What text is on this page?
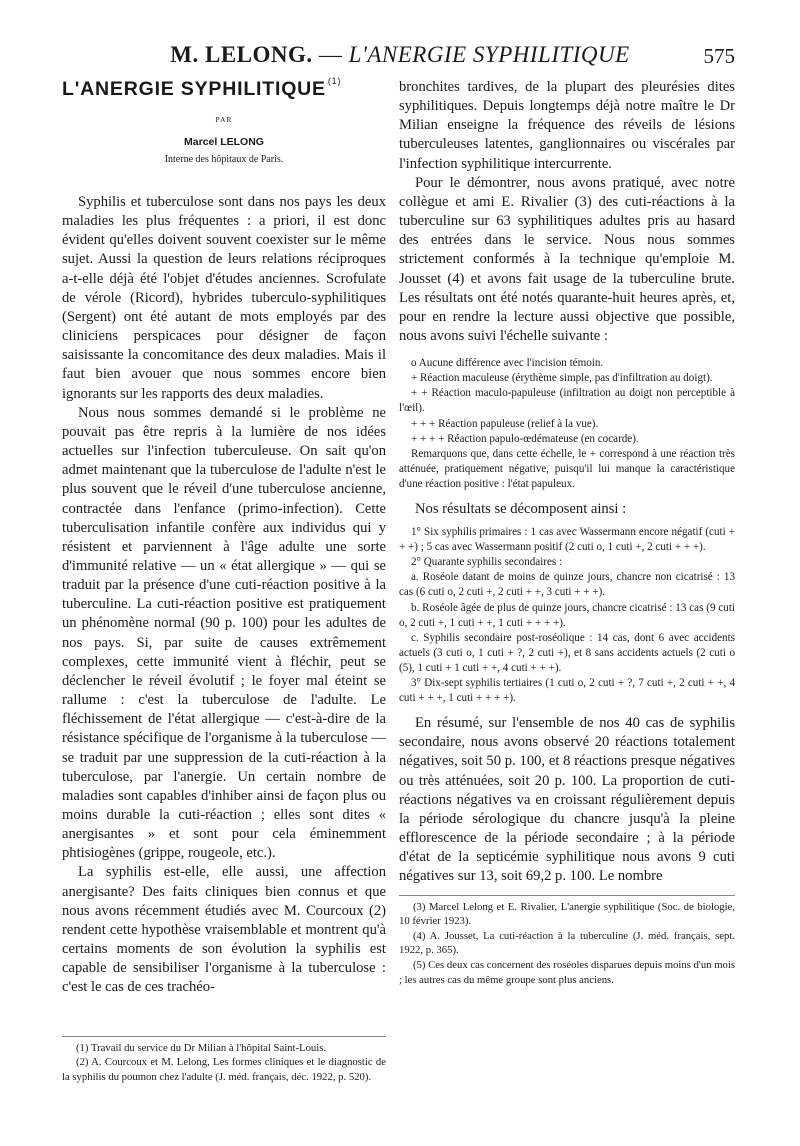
M. LELONG. — L'ANERGIE SYPHILITIQUE	575
L'ANERGIE SYPHILITIQUE $^{(1)}$
PAR
Marcel LELONG
Interne des hôpitaux de Paris.

Syphilis et tuberculose sont dans nos pays les deux maladies les plus fréquentes : a priori, il est donc évident qu'elles doivent souvent coexister sur le même sujet. Aussi la question de leurs relations réciproques a-t-elle déjà été l'objet d'études anciennes. Scrofulate de vérole (Ricord), hybrides tuberculo-syphilitiques (Sergent) ont été autant de mots employés par des cliniciens perspicaces pour désigner de façon saisissante la concomitance des deux maladies. Mais il faut bien avouer que nous sommes encore bien ignorants sur les rapports des deux maladies.

Nous nous sommes demandé si le problème ne pouvait pas être repris à la lumière de nos idées actuelles sur l'infection tuberculeuse. On sait qu'on admet maintenant que la tuberculose de l'adulte n'est le plus souvent que le réveil d'une tuberculose ancienne, contractée dans l'enfance (primo-infection). Cette tuberculisation infantile confère aux individus qui y résistent et parviennent à l'âge adulte une sorte d'immunité relative — un « état allergique » — qui se traduit par la présence d'une cuti-réaction positive à la tuberculine. La cuti-réaction positive est pratiquement un phénomène normal (90 p. 100) pour les adultes de nos pays. Si, par suite de causes extrêmement complexes, cette immunité vient à fléchir, peut se déclencher le réveil évolutif ; le foyer mal éteint se rallume : c'est la tuberculose de l'adulte. Le fléchissement de l'état allergique — c'est-à-dire de la résistance spécifique de l'organisme à la tuberculose — se traduit par une suppression de la cuti-réaction à la tuberculose, par l'anergie. Un certain nombre de maladies sont capables d'inhiber ainsi de façon plus ou moins durable la cuti-réaction ; elles sont dites « anergisantes » et sont pour cela éminemment phtisiogènes (grippe, rougeole, etc.).

La syphilis est-elle, elle aussi, une affection anergisante? Des faits cliniques bien connus et que nous avons récemment étudiés avec M. Courcoux (2) rendent cette hypothèse vraisemblable et montrent qu'à certains moments de son évolution la syphilis est capable de sensibiliser l'organisme à la tuberculose : c'est le cas de ces trachéo-

(1) Travail du service du Dr Milian à l'hôpital Saint-Louis.

(2) A. Courcoux et M. Lelong, Les formes cliniques et le diagnostic de la syphilis du poumon chez l'adulte (J. méd. français, déc. 1922, p. 520).

bronchites tardives, de la plupart des pleurésies dites syphilitiques. Depuis longtemps déjà notre maître le Dr Milian enseigne la fréquence des réveils de lésions tuberculeuses latentes, ganglionnaires ou viscérales par l'infection syphilitique intercurrente.

Pour le démontrer, nous avons pratiqué, avec notre collègue et ami E. Rivalier (3) des cuti-réactions à la tuberculine sur 63 syphilitiques adultes pris au hasard des entrées dans le service. Nous nous sommes strictement conformés à la technique qu'emploie M. Jousset (4) et avons fait usage de la tuberculine brute. Les résultats ont été notés quarante-huit heures après, et, pour en rendre la lecture aussi objective que possible, nous avons suivi l'échelle suivante :

o Aucune différence avec l'incision témoin.

+ Réaction maculeuse (érythème simple, pas d'infiltration au doigt).

+ + Réaction maculo-papuleuse (infiltration au doigt non perceptible à l'œil).

+ + + Réaction papuleuse (relief à la vue).

+ + + + Réaction papulo-œdémateuse (en cocarde).

Remarquons que, dans cette échelle, le + correspond à une réaction très atténuée, pratiquement négative, puisqu'il lui manque la caractéristique d'une réaction positive : l'état papuleux.

Nos résultats se décomposent ainsi :

1° Six syphilis primaires : 1 cas avec Wassermann encore négatif (cuti + + +) ; 5 cas avec Wassermann positif (2 cuti o, 1 cuti +, 2 cuti + + +).

2° Quarante syphilis secondaires :

a. Roséole datant de moins de quinze jours, chancre non cicatrisé : 13 cas (6 cuti o, 2 cuti +, 2 cuti + +, 3 cuti + + +).

b. Roséole âgée de plus de quinze jours, chancre cicatrisé : 13 cas (9 cuti o, 2 cuti +, 1 cuti + +, 1 cuti + + + +).

c. Syphilis secondaire post-roséolique : 14 cas, dont 6 avec accidents actuels (3 cuti o, 1 cuti + ?, 2 cuti +), et 8 sans accidents actuels (2 cuti o (5), 1 cuti + 1 cuti + +, 4 cuti + + +).

3° Dix-sept syphilis tertiaires (1 cuti o, 2 cuti + ?, 7 cuti +, 2 cuti + +, 4 cuti + + +, 1 cuti + + + +).

En résumé, sur l'ensemble de nos 40 cas de syphilis secondaire, nous avons observé 20 réactions totalement négatives, soit 50 p. 100, et 8 réactions presque négatives ou très atténuées, soit 20 p. 100. La proportion de cuti-réactions négatives va en croissant régulièrement depuis la période sérologique du chancre jusqu'à la pleine efflorescence de la période secondaire ; à la période d'état de la septicémie syphilitique nous avons 9 cuti négatives sur 13, soit 69,2 p. 100. Le nombre

(3) Marcel Lelong et E. Rivalier, L'anergie syphilitique (Soc. de biologie, 10 février 1923).

(4) A. Jousset, La cuti-réaction à la tuberculine (J. méd. français, sept. 1922, p. 365).

(5) Ces deux cas concernent des roséoles disparues depuis moins d'un mois ; les autres cas du même groupe sont plus anciens.
